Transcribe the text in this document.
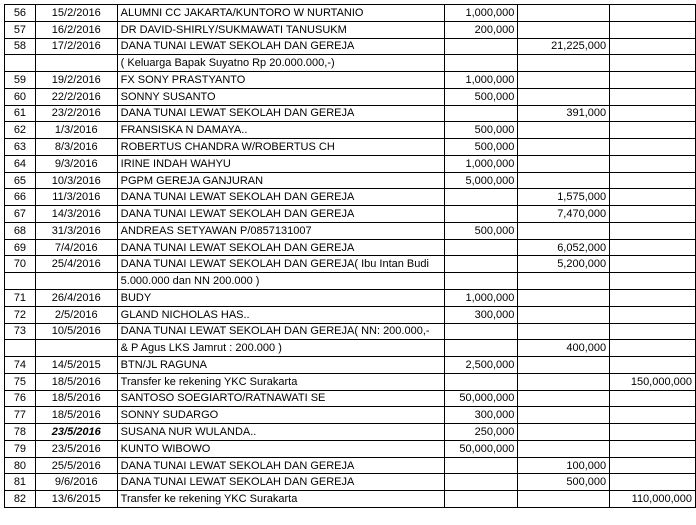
56	15/2/2016	ALUMNI CC JAKARTA/KUNTORO W NURTANIO	1,000,000		
57	16/2/2016	DR DAVID-SHIRLY/SUKMAWATI TANUSUKM	200,000		
58	17/2/2016	DANA TUNAI LEWAT SEKOLAH DAN GEREJA		21,225,000	
		( Keluarga Bapak Suyatno Rp 20.000.000,-)			
59	19/2/2016	FX SONY PRASTYANTO	1,000,000		
60	22/2/2016	SONNY SUSANTO	500,000		
61	23/2/2016	DANA TUNAI LEWAT SEKOLAH DAN GEREJA		391,000	
62	1/3/2016	FRANSISKA N DAMAYA..	500,000		
63	8/3/2016	ROBERTUS CHANDRA W/ROBERTUS CH	500,000		
64	9/3/2016	IRINE INDAH WAHYU	1,000,000		
65	10/3/2016	PGPM GEREJA GANJURAN	5,000,000		
66	11/3/2016	DANA TUNAI LEWAT SEKOLAH DAN GEREJA		1,575,000	
67	14/3/2016	DANA TUNAI LEWAT SEKOLAH DAN GEREJA		7,470,000	
68	31/3/2016	ANDREAS SETYAWAN P/0857131007	500,000		
69	7/4/2016	DANA TUNAI LEWAT SEKOLAH DAN GEREJA		6,052,000	
70	25/4/2016	DANA TUNAI LEWAT SEKOLAH DAN GEREJA( Ibu Intan Budi		5,200,000	
		5.000.000 dan NN 200.000 )			
71	26/4/2016	BUDY	1,000,000		
72	2/5/2016	GLAND NICHOLAS HAS..	300,000		
73	10/5/2016	DANA TUNAI LEWAT SEKOLAH DAN GEREJA( NN: 200.000,-			
		& P Agus LKS Jamrut : 200.000 )		400,000	
74	14/5/2015	BTN/JL RAGUNA	2,500,000		
75	18/5/2016	Transfer ke rekening YKC Surakarta			150,000,000
76	18/5/2016	SANTOSO SOEGIARTO/RATNAWATI SE	50,000,000		
77	18/5/2016	SONNY SUDARGO	300,000		
78	23/5/2016	SUSANA NUR WULANDA..	250,000		
79	23/5/2016	KUNTO WIBOWO	50,000,000		
80	25/5/2016	DANA TUNAI LEWAT SEKOLAH DAN GEREJA		100,000	
81	9/6/2016	DANA TUNAI LEWAT SEKOLAH DAN GEREJA		500,000	
82	13/6/2015	Transfer ke rekening YKC Surakarta			110,000,000
